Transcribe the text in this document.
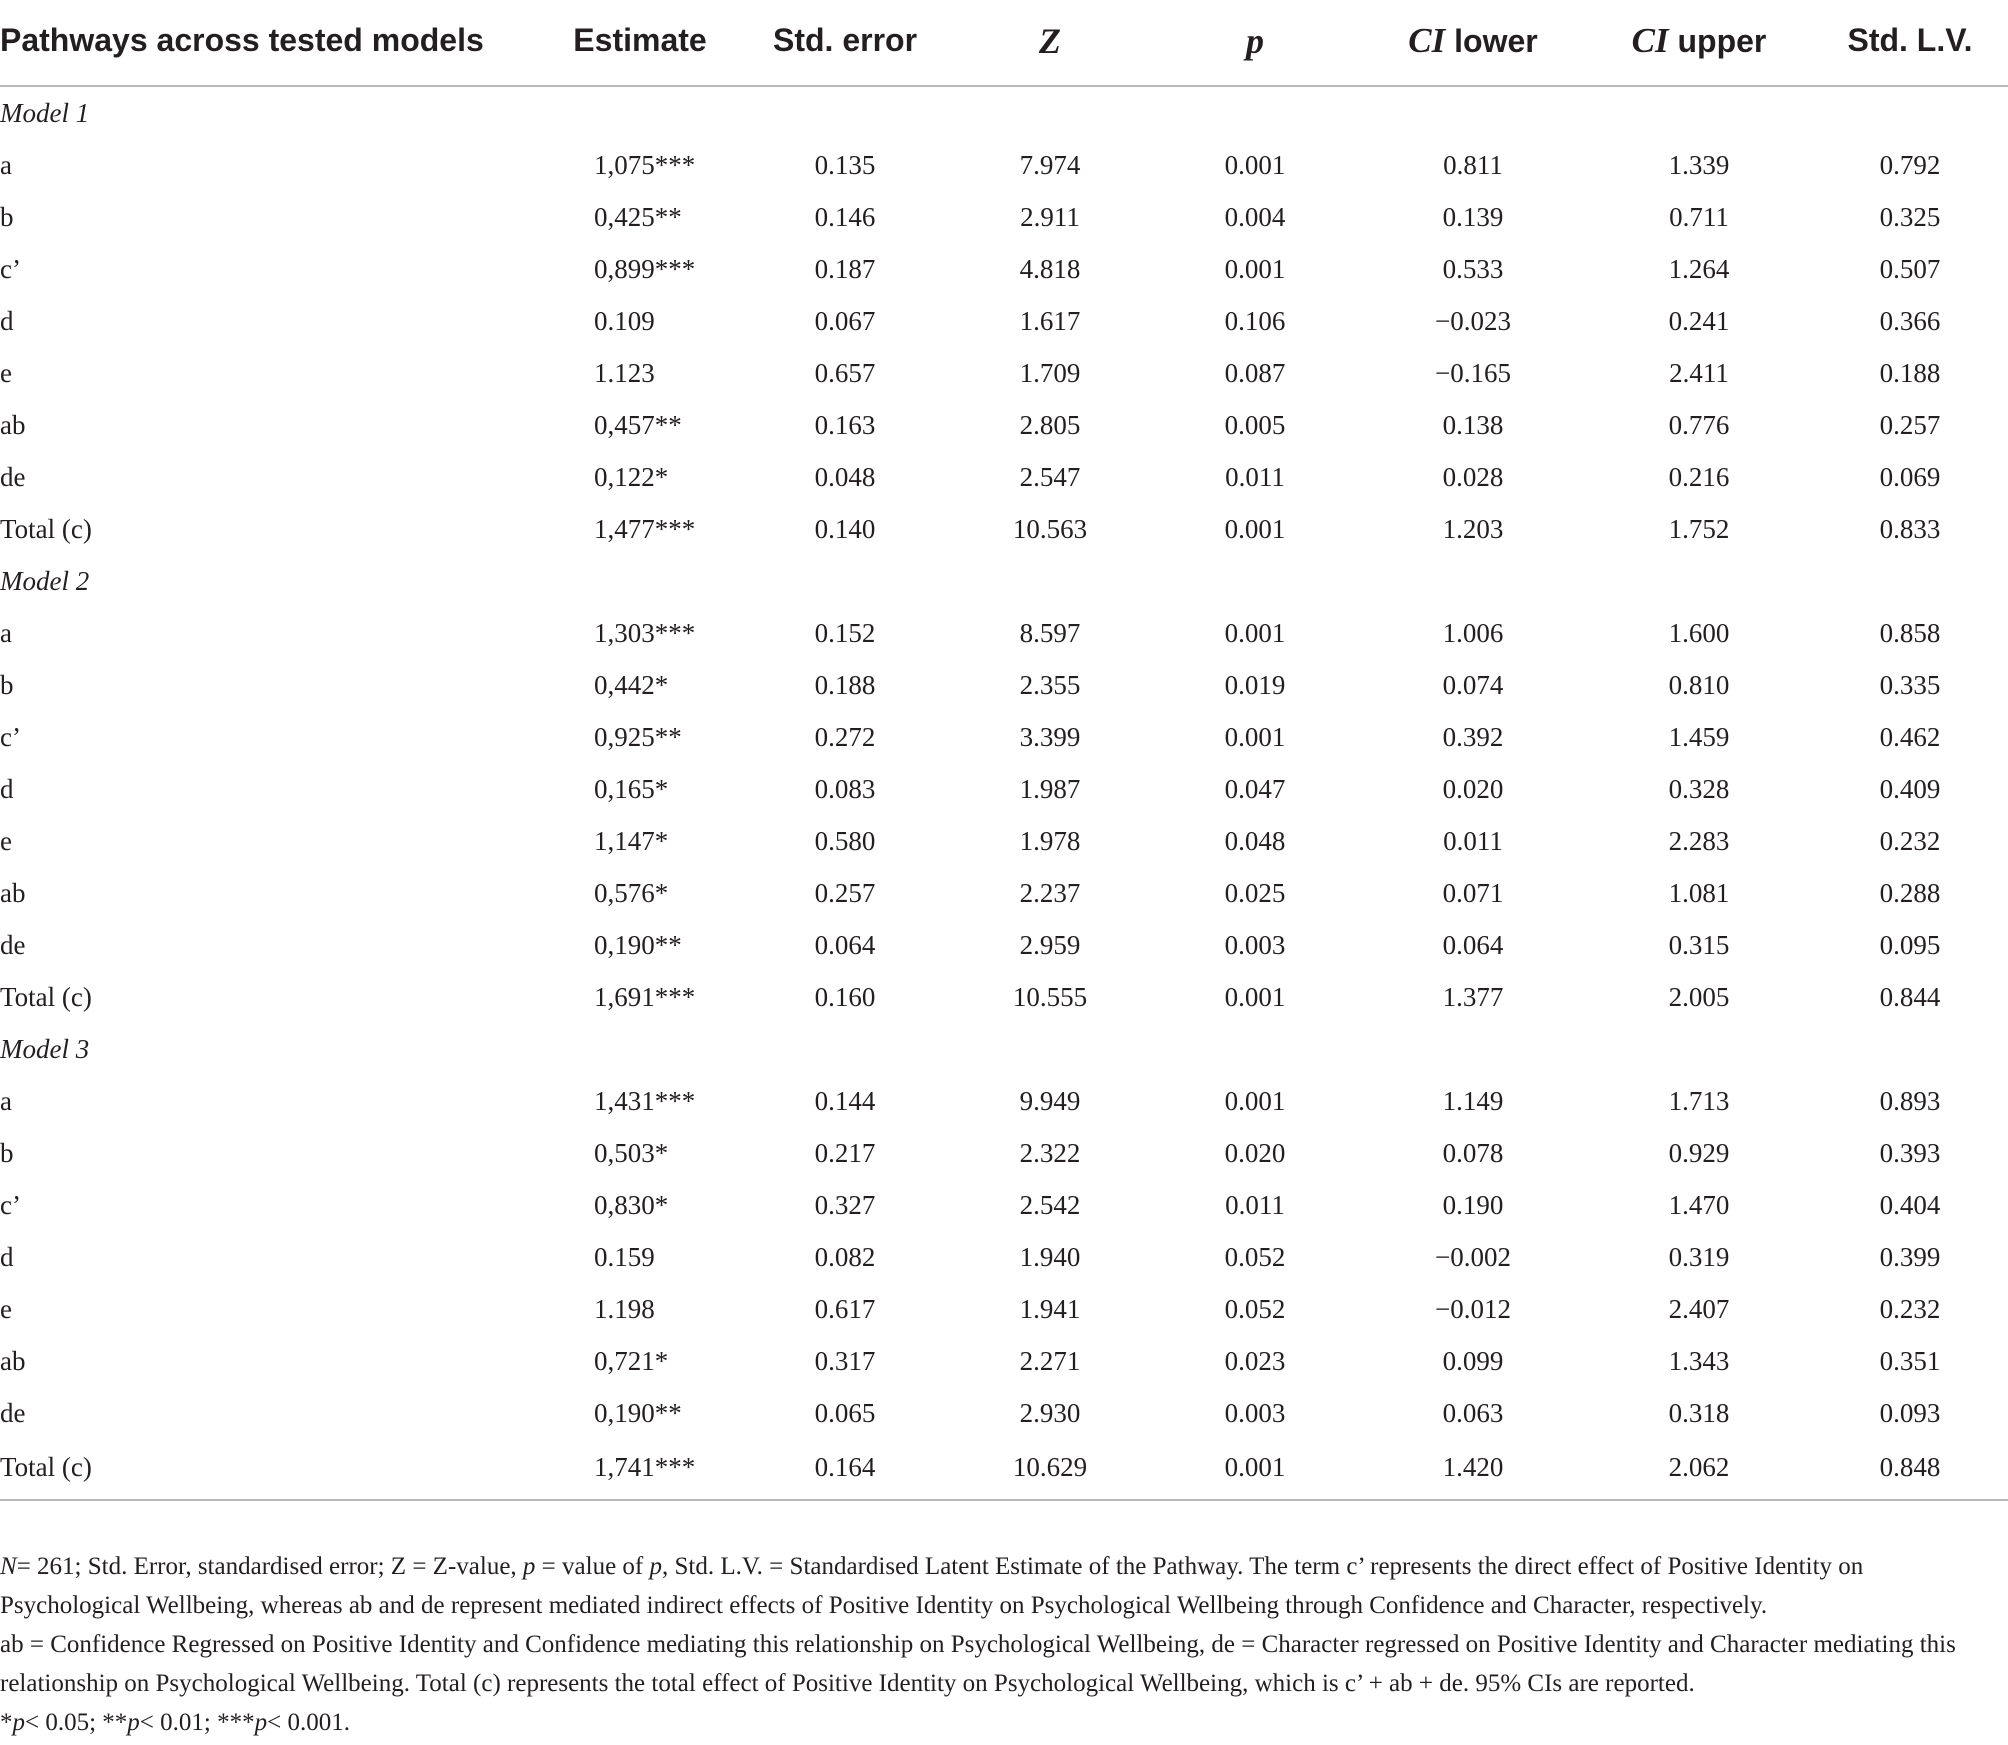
Pathways across tested models	Estimate	Std. error	Z	p	CI lower	CI upper	Std. L.V.
Model 1							
a	1,075***	0.135	7.974	0.001	0.811	1.339	0.792
b	0,425**	0.146	2.911	0.004	0.139	0.711	0.325
c’	0,899***	0.187	4.818	0.001	0.533	1.264	0.507
d	0.109	0.067	1.617	0.106	−0.023	0.241	0.366
e	1.123	0.657	1.709	0.087	−0.165	2.411	0.188
ab	0,457**	0.163	2.805	0.005	0.138	0.776	0.257
de	0,122*	0.048	2.547	0.011	0.028	0.216	0.069
Total (c)	1,477***	0.140	10.563	0.001	1.203	1.752	0.833
Model 2							
a	1,303***	0.152	8.597	0.001	1.006	1.600	0.858
b	0,442*	0.188	2.355	0.019	0.074	0.810	0.335
c’	0,925**	0.272	3.399	0.001	0.392	1.459	0.462
d	0,165*	0.083	1.987	0.047	0.020	0.328	0.409
e	1,147*	0.580	1.978	0.048	0.011	2.283	0.232
ab	0,576*	0.257	2.237	0.025	0.071	1.081	0.288
de	0,190**	0.064	2.959	0.003	0.064	0.315	0.095
Total (c)	1,691***	0.160	10.555	0.001	1.377	2.005	0.844
Model 3							
a	1,431***	0.144	9.949	0.001	1.149	1.713	0.893
b	0,503*	0.217	2.322	0.020	0.078	0.929	0.393
c’	0,830*	0.327	2.542	0.011	0.190	1.470	0.404
d	0.159	0.082	1.940	0.052	−0.002	0.319	0.399
e	1.198	0.617	1.941	0.052	−0.012	2.407	0.232
ab	0,721*	0.317	2.271	0.023	0.099	1.343	0.351
de	0,190**	0.065	2.930	0.003	0.063	0.318	0.093
Total (c)	1,741***	0.164	10.629	0.001	1.420	2.062	0.848

N= 261; Std. Error, standardised error; Z = Z-value, p = value of p, Std. L.V. = Standardised Latent Estimate of the Pathway. The term c’ represents the direct effect of Positive Identity on Psychological Wellbeing, whereas ab and de represent mediated indirect effects of Positive Identity on Psychological Wellbeing through Confidence and Character, respectively.

ab = Confidence Regressed on Positive Identity and Confidence mediating this relationship on Psychological Wellbeing, de = Character regressed on Positive Identity and Character mediating this relationship on Psychological Wellbeing. Total (c) represents the total effect of Positive Identity on Psychological Wellbeing, which is c’ + ab + de. 95% CIs are reported.

*p< 0.05; **p< 0.01; ***p< 0.001.
